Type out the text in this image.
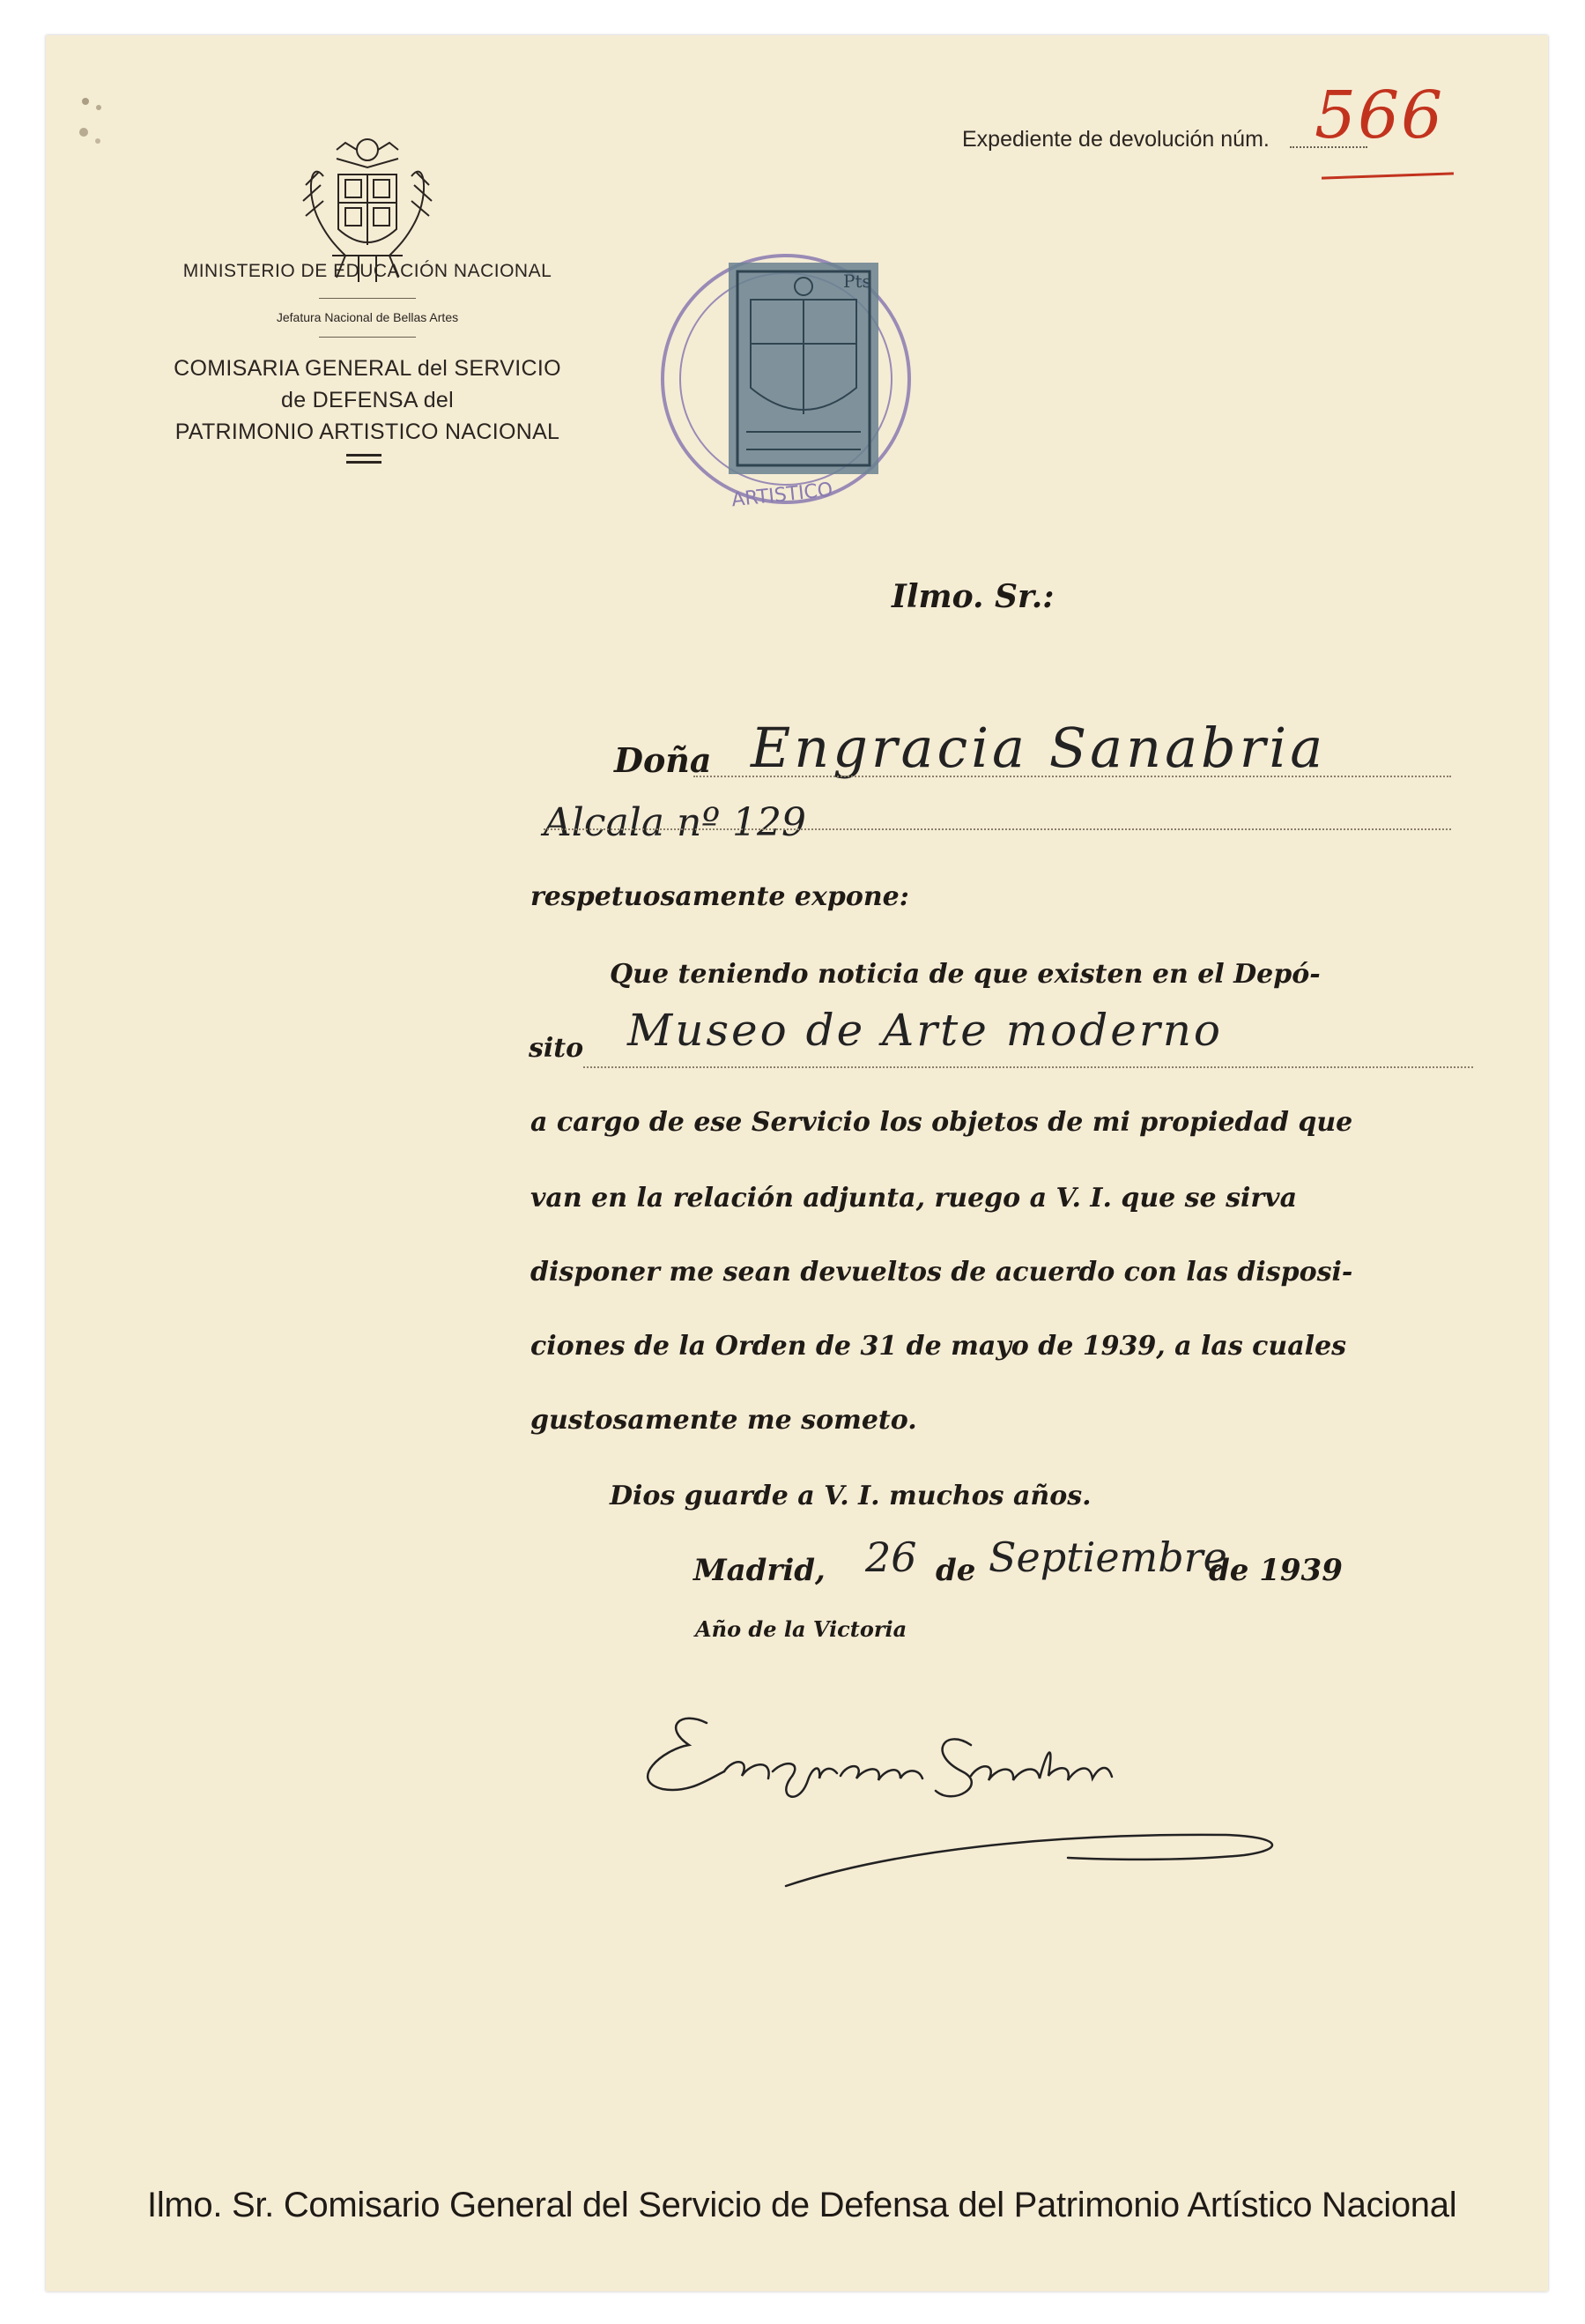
MINISTERIO DE EDUCACIÓN NACIONAL
Jefatura Nacional de Bellas Artes
COMISARIA GENERAL del SERVICIO
de DEFENSA del
PATRIMONIO ARTISTICO NACIONAL
Expediente de devolución núm. 566
Pts
ARTISTICO
Ilmo. Sr.:
Doña Engracia Sanabria
Alcala nº 129
respetuosamente expone:
Que teniendo noticia de que existen en el Depó-
sito Museo de Arte moderno
a cargo de ese Servicio los objetos de mi propiedad que
van en la relación adjunta, ruego a V. I. que se sirva
disponer me sean devueltos de acuerdo con las disposi-
ciones de la Orden de 31 de mayo de 1939, a las cuales
gustosamente me someto.
Dios guarde a V. I. muchos años.
Madrid, 26 de Septiembre
de 1939
Año de la Victoria
Ilmo. Sr. Comisario General del Servicio de Defensa del Patrimonio Artístico Nacional
